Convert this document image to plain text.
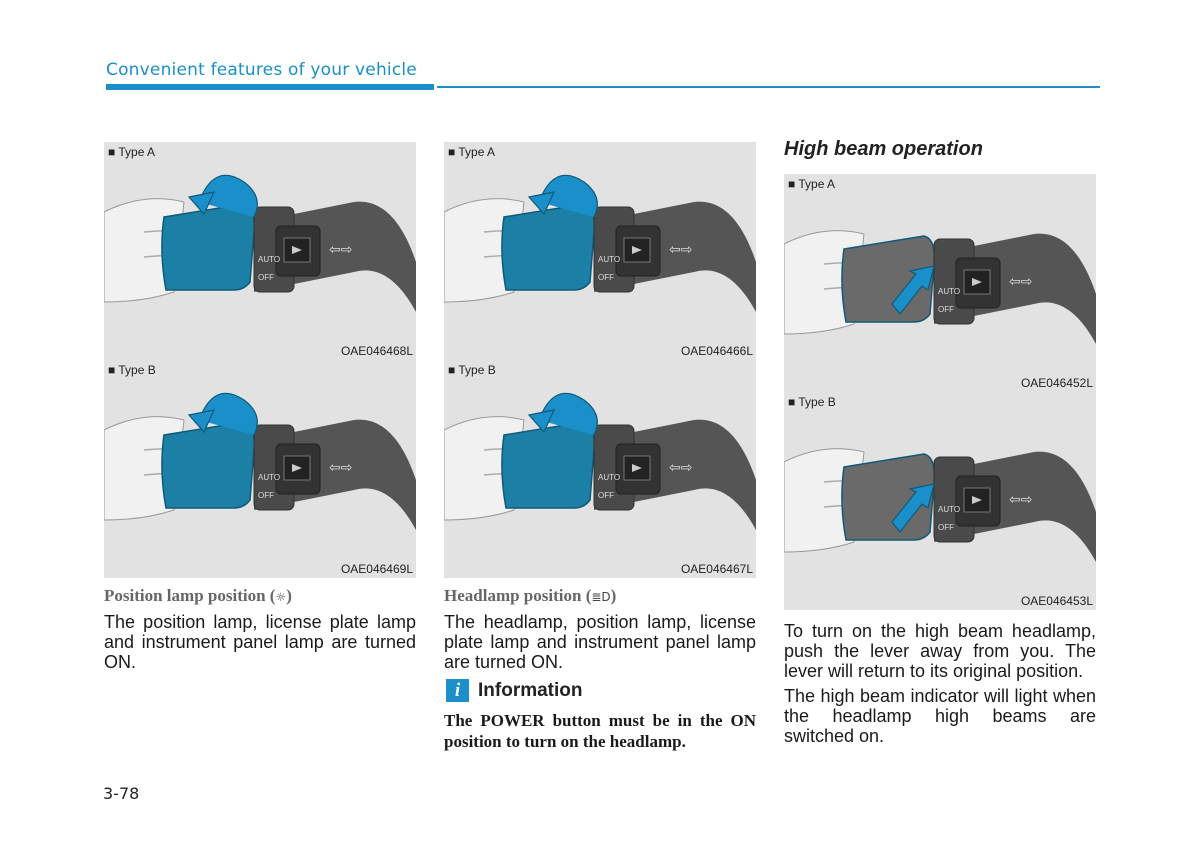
Convenient features of your vehicle
AUTO
OFF
⇦⇨
■ Type A
OAE046468L
AUTO
OFF
⇦⇨
■ Type B
OAE046469L
Position lamp position (☼)
The position lamp, license plate lamp and instrument panel lamp are turned ON.
AUTO
OFF
⇦⇨
■ Type A
OAE046466L
AUTO
OFF
⇦⇨
■ Type B
OAE046467L
Headlamp position (≣D)
The headlamp, position lamp, license plate lamp and instrument panel lamp are turned ON.
i Information
The POWER button must be in the ON position to turn on the headlamp.
High beam operation
AUTO
OFF
⇦⇨
■ Type A
OAE046452L
AUTO
OFF
⇦⇨
■ Type B
OAE046453L
To turn on the high beam headlamp, push the lever away from you. The lever will return to its original position.
The high beam indicator will light when the headlamp high beams are switched on.
3-78
